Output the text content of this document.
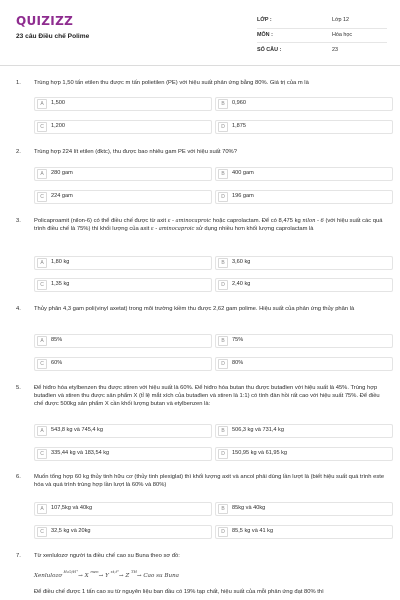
QUIZIZZ
23 câu Điều chế Polime
LỚP :	Lớp 12
MÔN :	Hóa học
SỐ CÂU :	23
1. Trùng hợp 1,50 tấn etilen thu được m tấn polietilen (PE) với hiệu suất phản ứng bằng 80%. Giá trị của m là
A	1,500	B	0,960
C	1,200	D	1,875
2. Trùng hợp 224 lít etilen (đktc), thu được bao nhiêu gam PE với hiệu suất 70%?
A	280 gam	B	400 gam
C	224 gam	D	196 gam
3. Policaproamit (nilon-6) có thể điều chế được từ axit ε - aminocaproic hoặc caprolactam. Để có 8,475 kg nilon - 6 (với hiệu suất các quá trình điều chế là 75%) thì khối lượng của axit ε - aminocaproic sử dụng nhiều hơn khối lượng caprolactam là
A	1,80 kg	B	3,60 kg
C	1,35 kg	D	2,40 kg
4. Thủy phân 4,3 gam poli(vinyl axetat) trong môi trường kiềm thu được 2,62 gam polime. Hiệu suất của phản ứng thủy phân là
A	85%	B	75%
C	60%	D	80%
5. Để hiđro hóa etylbenzen thu được stiren với hiệu suất là 60%. Để hiđro hóa butan thu được butađien với hiệu suất là 45%. Trùng hợp butađien và stiren thu được sản phẩm X (tỉ lệ mắt xích của butađien và stiren là 1:1) có tính đàn hồi rất cao với hiệu suất 75%. Để điều chế được 500kg sản phẩm X cần khối lượng butan và etylbenzen là:
A	543,8 kg và 745,4 kg	B	506,3 kg và 731,4 kg
C	335,44 kg và 183,54 kg	D	150,95 kg và 61,95 kg
6. Muốn tổng hợp 60 kg thủy tinh hữu cơ (thủy tinh plexiglat) thì khối lượng axit và ancol phải dùng lần lượt là (biết hiệu suất quá trình este hóa và quá trình trùng hợp lần lượt là 60% và 80%)
A	107,5kg và 40kg	B	85kg và 40kg
C	32,5 kg và 20kg	D	85,5 kg và 41 kg
7. Từ xenlulozơ người ta điều chế cao su Buna theo sơ đồ:
Xenlulozơ $^{H_2O/H^+}$→ X $^{men}$→ Y $^{xt,t^\circ}$→ Z $^{TH}$→ Cao su Buna
Để điều chế được 1 tấn cao su từ nguyên liệu ban đầu có 19% tạp chất, hiệu suất của mỗi phản ứng đạt 80% thì
